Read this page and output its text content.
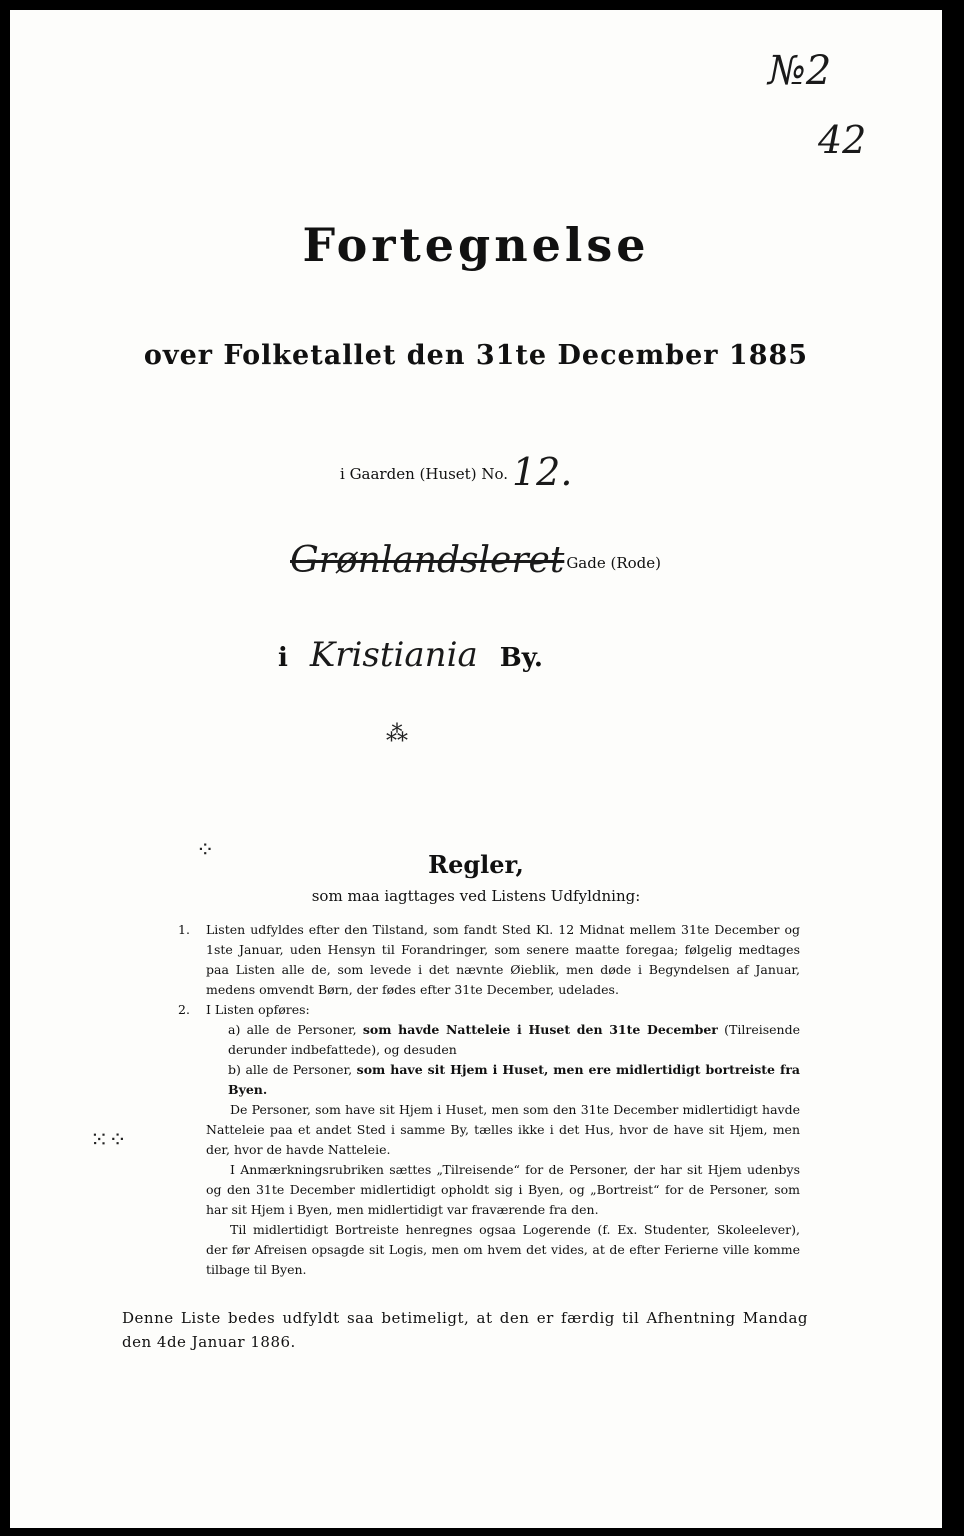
№2
42
Fortegnelse
over Folketallet den 31te December 1885
i Gaarden (Huset) No. 12.
Grønlandsleret Gade (Rode)
i Kristiania By.
⁂
⁘
⁙⁘
Regler,
som maa iagttages ved Listens Udfyldning:

1. Listen udfyldes efter den Tilstand, som fandt Sted Kl. 12 Midnat mellem 31te December og 1ste Januar, uden Hensyn til Forandringer, som senere maatte foregaa; følgelig medtages paa Listen alle de, som levede i det nævnte Øieblik, men døde i Begyndelsen af Januar, medens omvendt Børn, der fødes efter 31te December, udelades.

2. I Listen opføres:

a) alle de Personer, som havde Natteleie i Huset den 31te December (Tilreisende derunder indbefattede), og desuden

b) alle de Personer, som have sit Hjem i Huset, men ere midlertidigt bortreiste fra Byen.

De Personer, som have sit Hjem i Huset, men som den 31te December midlertidigt havde Natteleie paa et andet Sted i samme By, tælles ikke i det Hus, hvor de have sit Hjem, men der, hvor de havde Natteleie.

I Anmærkningsrubriken sættes „Tilreisende“ for de Personer, der har sit Hjem udenbys og den 31te December midlertidigt opholdt sig i Byen, og „Bortreist“ for de Personer, som har sit Hjem i Byen, men midlertidigt var fraværende fra den.

Til midlertidigt Bortreiste henregnes ogsaa Logerende (f. Ex. Studenter, Skoleelever), der før Afreisen opsagde sit Logis, men om hvem det vides, at de efter Ferierne ville komme tilbage til Byen.

Denne Liste bedes udfyldt saa betimeligt, at den er færdig til Afhentning Mandag den 4de Januar 1886.
